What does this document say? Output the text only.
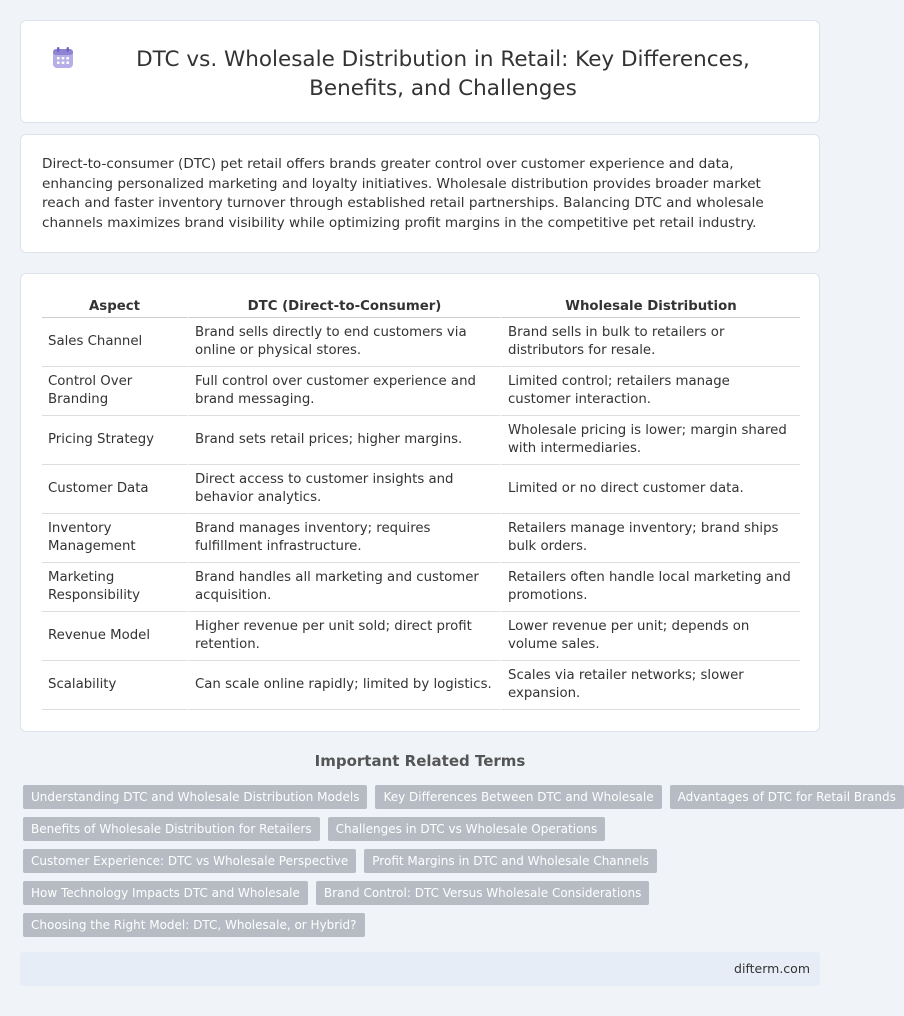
DTC vs. Wholesale Distribution in Retail: Key Differences, Benefits, and Challenges

Direct-to-consumer (DTC) pet retail offers brands greater control over customer experience and data, enhancing personalized marketing and loyalty initiatives. Wholesale distribution provides broader market reach and faster inventory turnover through established retail partnerships. Balancing DTC and wholesale channels maximizes brand visibility while optimizing profit margins in the competitive pet retail industry.

Aspect	DTC (Direct-to-Consumer)	Wholesale Distribution
Sales Channel	Brand sells directly to end customers via online or physical stores.	Brand sells in bulk to retailers or distributors for resale.
Control Over Branding	Full control over customer experience and brand messaging.	Limited control; retailers manage customer interaction.
Pricing Strategy	Brand sets retail prices; higher margins.	Wholesale pricing is lower; margin shared with intermediaries.
Customer Data	Direct access to customer insights and behavior analytics.	Limited or no direct customer data.
Inventory Management	Brand manages inventory; requires fulfillment infrastructure.	Retailers manage inventory; brand ships bulk orders.
Marketing Responsibility	Brand handles all marketing and customer acquisition.	Retailers often handle local marketing and promotions.
Revenue Model	Higher revenue per unit sold; direct profit retention.	Lower revenue per unit; depends on volume sales.
Scalability	Can scale online rapidly; limited by logistics.	Scales via retailer networks; slower expansion.
Important Related Terms
Understanding DTC and Wholesale Distribution Models	Key Differences Between DTC and Wholesale	Advantages of DTC for Retail Brands
Benefits of Wholesale Distribution for Retailers	Challenges in DTC vs Wholesale Operations
Customer Experience: DTC vs Wholesale Perspective	Profit Margins in DTC and Wholesale Channels
How Technology Impacts DTC and Wholesale	Brand Control: DTC Versus Wholesale Considerations
Choosing the Right Model: DTC, Wholesale, or Hybrid?
difterm.com
